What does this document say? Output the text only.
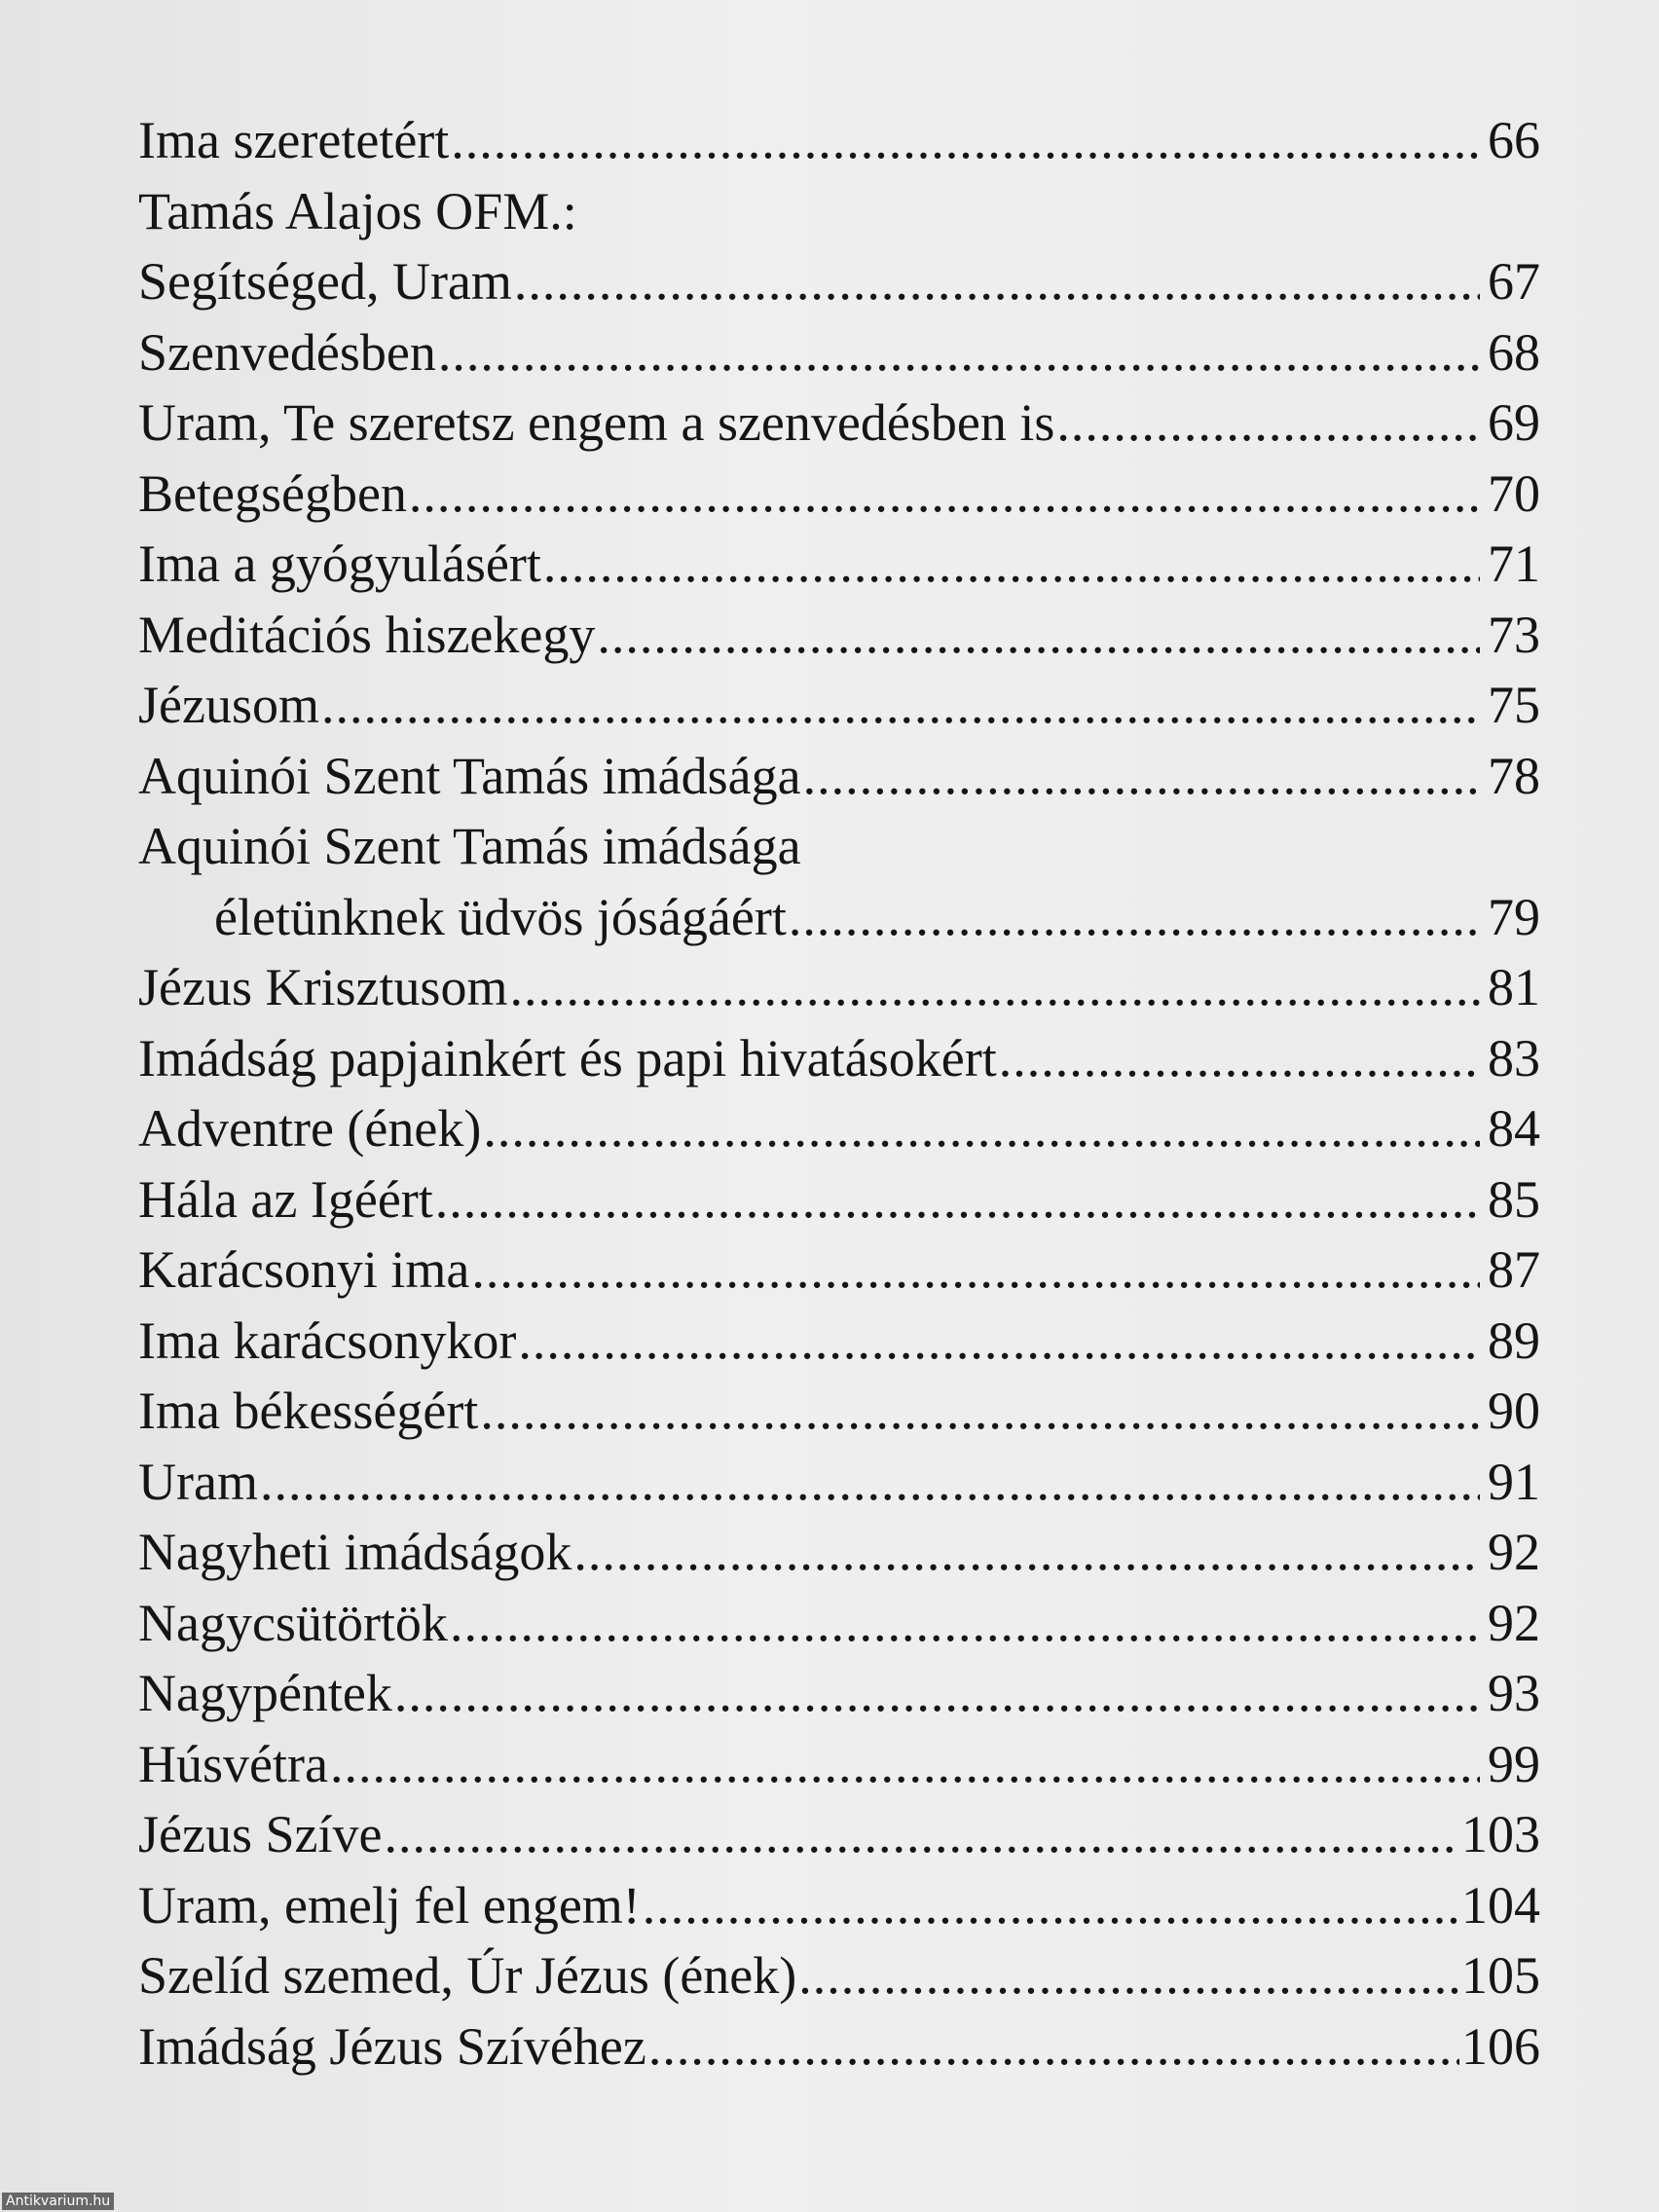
Ima szeretetért .....	66
Tamás Alajos OFM.:
Segítséged, Uram .....	67
Szenvedésben .....	68
Uram, Te szeretsz engem a szenvedésben is .....	69
Betegségben .....	70
Ima a gyógyulásért .....	71
Meditációs hiszekegy .....	73
Jézusom .....	75
Aquinói Szent Tamás imádsága .....	78
Aquinói Szent Tamás imádsága
életünknek üdvös jóságáért .....	79
Jézus Krisztusom .....	81
Imádság papjainkért és papi hivatásokért .....	83
Adventre (ének) .....	84
Hála az Igéért .....	85
Karácsonyi ima .....	87
Ima karácsonykor .....	89
Ima békességért .....	90
Uram .....	91
Nagyheti imádságok .....	92
Nagycsütörtök .....	92
Nagypéntek .....	93
Húsvétra .....	99
Jézus Szíve .....	103
Uram, emelj fel engem! .....	104
Szelíd szemed, Úr Jézus (ének) .....	105
Imádság Jézus Szívéhez .....	106
Antikvarium.hu
